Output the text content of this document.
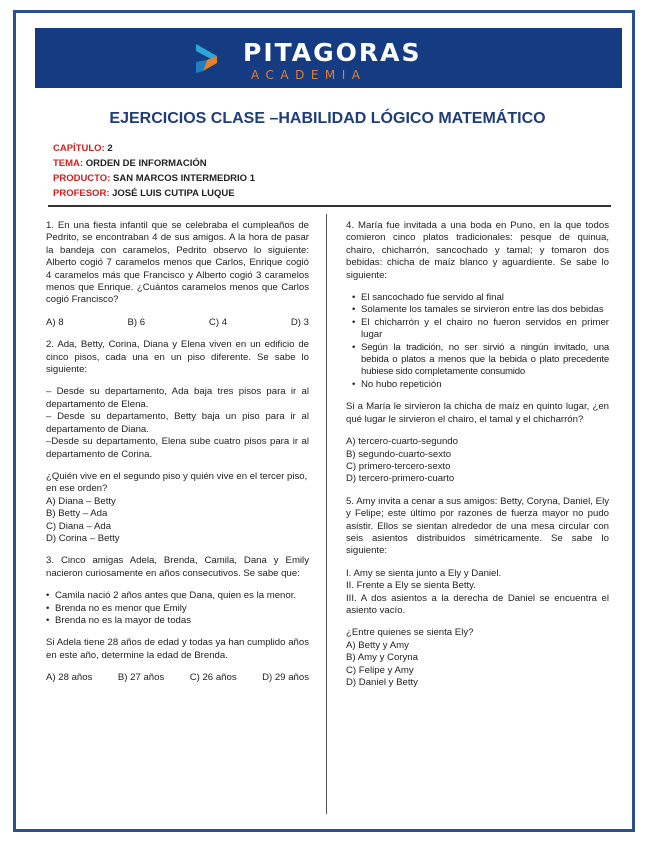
PITAGORAS
ACADEMIA
EJERCICIOS CLASE –HABILIDAD LÓGICO MATEMÁTICO
CAPÍTULO: 2
TEMA: ORDEN DE INFORMACIÓN
PRODUCTO: SAN MARCOS INTERMEDRIO 1
PROFESOR: JOSÉ LUIS CUTIPA LUQUE
1. En una fiesta infantil que se celebraba el cumpleaños de Pedrito, se encontraban 4 de sus amigos. A la hora de pasar la bandeja con caramelos, Pedrito observo lo siguiente: Alberto cogió 7 caramelos menos que Carlos, Enrique cogió 4 caramelos más que Francisco y Alberto cogió 3 caramelos menos que Enrique. ¿Cuántos caramelos menos que Carlos cogió Francisco?
A) 8	B) 6	C) 4	D) 3
2. Ada, Betty, Corina, Diana y Elena viven en un edificio de cinco pisos, cada una en un piso diferente. Se sabe lo siguiente:
– Desde su departamento, Ada baja tres pisos para ir al departamento de Elena.
– Desde su departamento, Betty baja un piso para ir al departamento de Diana.
–Desde su departamento, Elena sube cuatro pisos para ir al departamento de Corina.
¿Quién vive en el segundo piso y quién vive en el tercer piso, en ese orden?
A) Diana – Betty
B) Betty – Ada
C) Diana – Ada
D) Corina – Betty
3. Cinco amigas Adela, Brenda, Camila, Dana y Emily nacieron curiosamente en años consecutivos. Se sabe que:
• Camila nació 2 años antes que Dana, quien es la menor.
• Brenda no es menor que Emily
• Brenda no es la mayor de todas
Si Adela tiene 28 años de edad y todas ya han cumplido años en este año, determine la edad de Brenda.
A) 28 años	B) 27 años	C) 26 años	D) 29 años
4. María fue invitada a una boda en Puno, en la que todos comieron cinco platos tradicionales: pesque de quinua, chairo, chicharrón, sancochado y tamal; y tomaron dos bebidas: chicha de maíz blanco y aguardiente. Se sabe lo siguiente:
• El sancochado fue servido al final
• Solamente los tamales se sirvieron entre las dos bebidas
• El chicharrón y el chairo no fueron servidos en primer lugar
• Según la tradición, no ser sirvió a ningún invitado, una bebida o platos a menos que la bebida o plato precedente hubiese sido completamente consumido
• No hubo repetición
Si a María le sirvieron la chicha de maíz en quinto lugar, ¿en qué lugar le sirvieron el chairo, el tamal y el chicharrón?
A) tercero-cuarto-segundo
B) segundo-cuarto-sexto
C) primero-tercero-sexto
D) tercero-primero-cuarto
5. Amy invita a cenar a sus amigos: Betty, Coryna, Daniel, Ely y Felipe; este último por razones de fuerza mayor no pudo asistir. Ellos se sientan alrededor de una mesa circular con seis asientos distribuidos simétricamente. Se sabe lo siguiente:
I. Amy se sienta junto a Ely y Daniel.
II. Frente a Ely se sienta Betty.
III. A dos asientos a la derecha de Daniel se encuentra el asiento vacío.
¿Entre quienes se sienta Ely?
A) Betty y Amy
B) Amy y Coryna
C) Felipe y Amy
D) Daniel y Betty
